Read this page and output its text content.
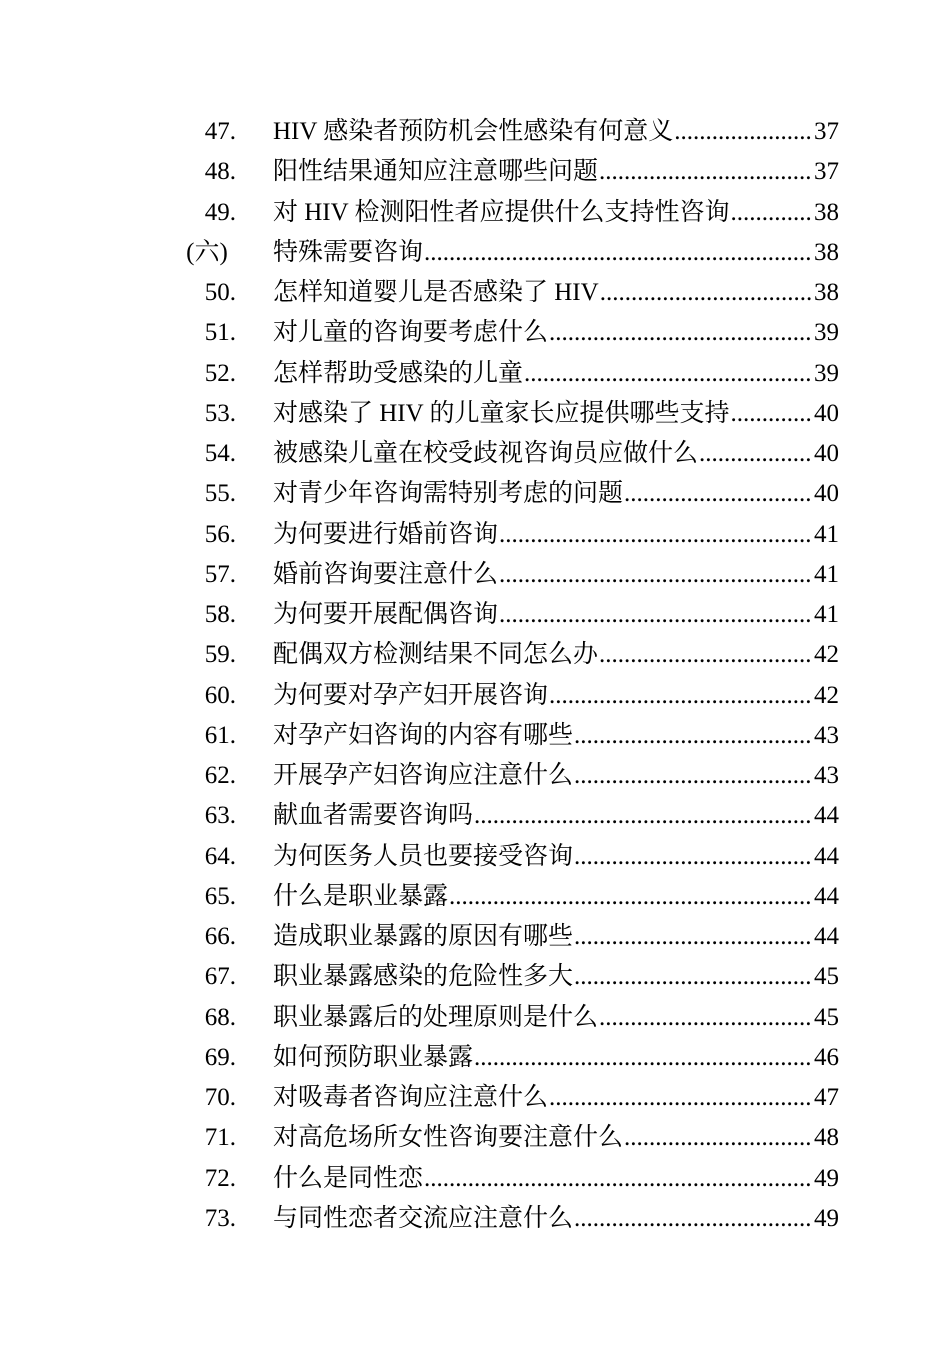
47. HIV 感染者预防机会性感染有何意义 .....	37
48. 阳性结果通知应注意哪些问题 .....	37
49. 对 HIV 检测阳性者应提供什么支持性咨询 .....	38
(六)	特殊需要咨询 .....	38
50. 怎样知道婴儿是否感染了 HIV .....	38
51. 对儿童的咨询要考虑什么 .....	39
52. 怎样帮助受感染的儿童 .....	39
53. 对感染了 HIV 的儿童家长应提供哪些支持 .....	40
54. 被感染儿童在校受歧视咨询员应做什么 .....	40
55. 对青少年咨询需特别考虑的问题 .....	40
56. 为何要进行婚前咨询 .....	41
57. 婚前咨询要注意什么 .....	41
58. 为何要开展配偶咨询 .....	41
59. 配偶双方检测结果不同怎么办 .....	42
60. 为何要对孕产妇开展咨询 .....	42
61. 对孕产妇咨询的内容有哪些 .....	43
62. 开展孕产妇咨询应注意什么 .....	43
63. 献血者需要咨询吗 .....	44
64. 为何医务人员也要接受咨询 .....	44
65. 什么是职业暴露 .....	44
66. 造成职业暴露的原因有哪些 .....	44
67. 职业暴露感染的危险性多大 .....	45
68. 职业暴露后的处理原则是什么 .....	45
69. 如何预防职业暴露 .....	46
70. 对吸毒者咨询应注意什么 .....	47
71. 对高危场所女性咨询要注意什么 .....	48
72. 什么是同性恋 .....	49
73. 与同性恋者交流应注意什么 .....	49
